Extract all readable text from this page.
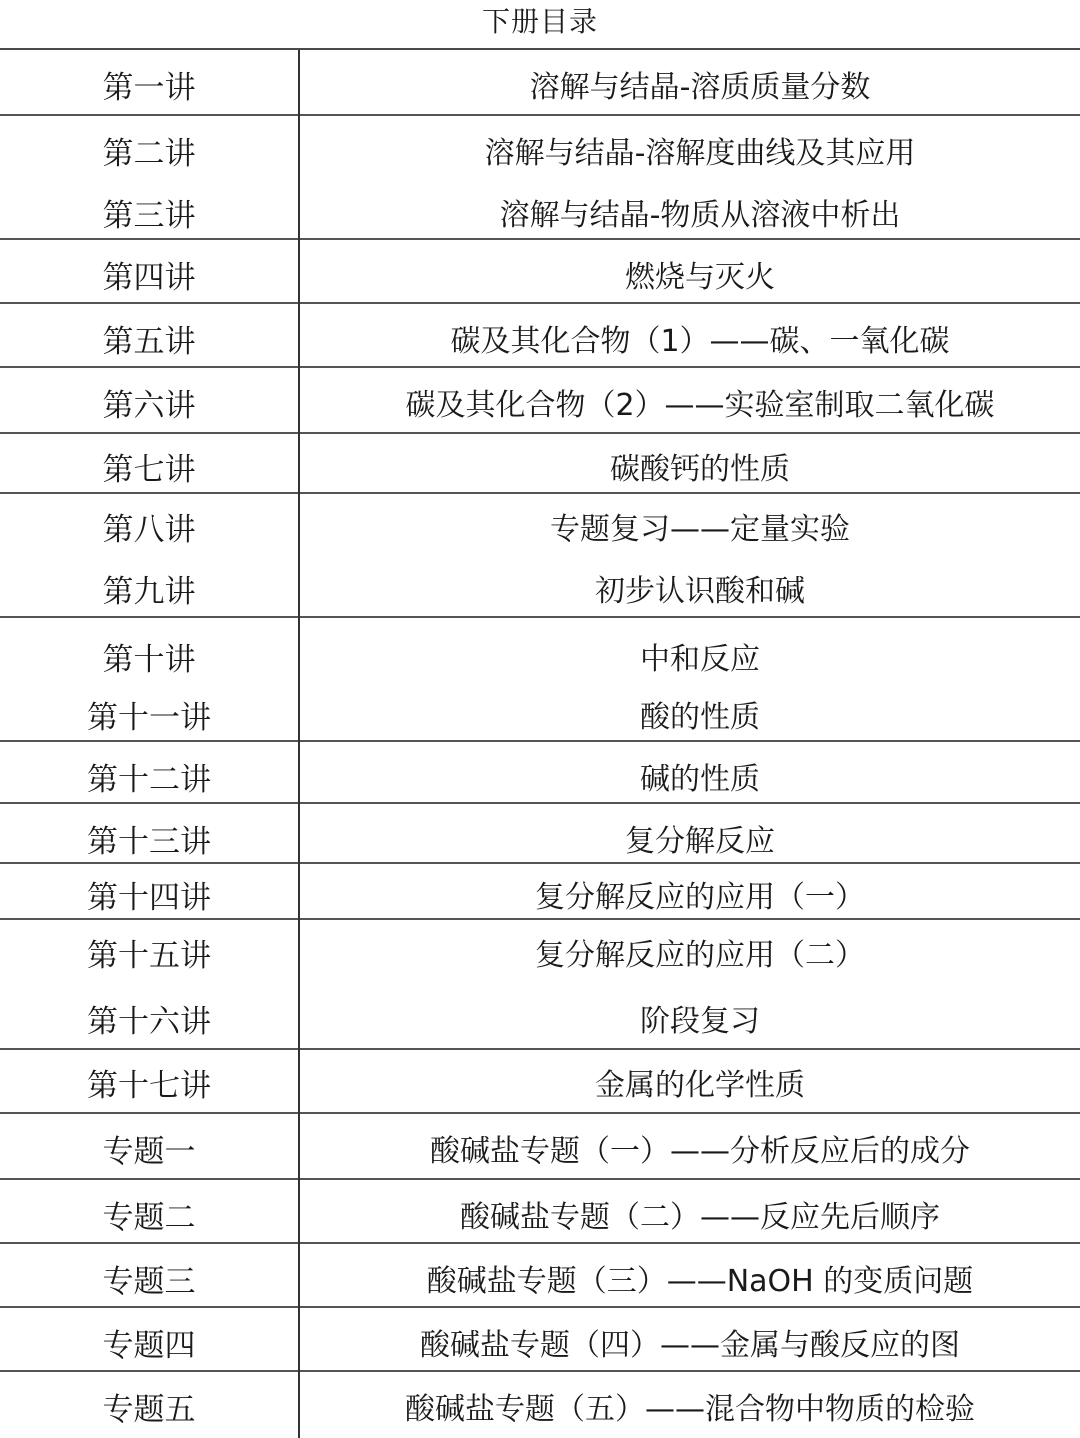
下册目录
第一讲	溶解与结晶-溶质质量分数
第二讲	溶解与结晶-溶解度曲线及其应用
第三讲	溶解与结晶-物质从溶液中析出
第四讲	燃烧与灭火
第五讲	碳及其化合物（1）——碳、一氧化碳
第六讲	碳及其化合物（2）——实验室制取二氧化碳
第七讲	碳酸钙的性质
第八讲	专题复习——定量实验
第九讲	初步认识酸和碱
第十讲	中和反应
第十一讲	酸的性质
第十二讲	碱的性质
第十三讲	复分解反应
第十四讲	复分解反应的应用（一）
第十五讲	复分解反应的应用（二）
第十六讲	阶段复习
第十七讲	金属的化学性质
专题一	酸碱盐专题（一）——分析反应后的成分
专题二	酸碱盐专题（二）——反应先后顺序
专题三	酸碱盐专题（三）——NaOH 的变质问题
专题四	酸碱盐专题（四）——金属与酸反应的图
专题五	酸碱盐专题（五）——混合物中物质的检验
